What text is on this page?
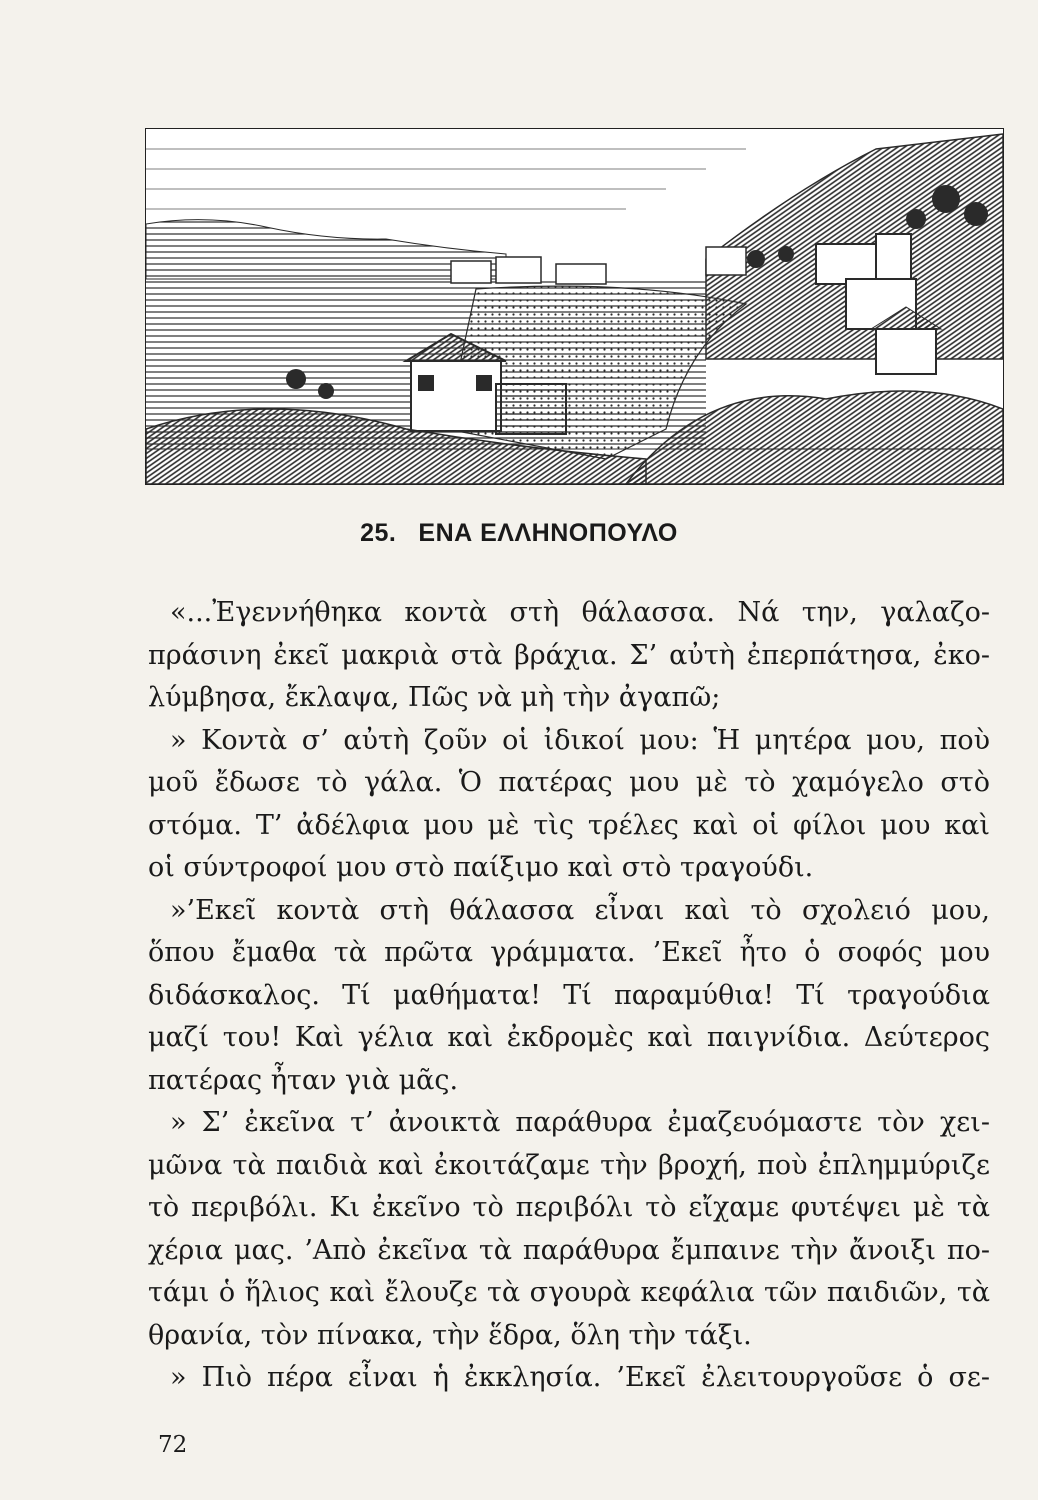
25. ΕΝΑ ΕΛΛΗΝΟΠΟΥΛΟ
«...Ἐγεννήθηκα κοντὰ στὴ θάλασσα. Νά την, γαλαζο-
πράσινη ἐκεῖ μακριὰ στὰ βράχια. Σ’ αὐτὴ ἐπερπάτησα, ἐκο-
λύμβησα, ἔκλαψα, Πῶς νὰ μὴ τὴν ἀγαπῶ;
» Κοντὰ σ’ αὐτὴ ζοῦν οἱ ἰδικοί μου: Ἡ μητέρα μου, ποὺ
μοῦ ἔδωσε τὸ γάλα. Ὁ πατέρας μου μὲ τὸ χαμόγελο στὸ
στόμα. Τ’ ἀδέλφια μου μὲ τὶς τρέλες καὶ οἱ φίλοι μου καὶ
οἱ σύντροφοί μου στὸ παίξιμο καὶ στὸ τραγούδι.
»’Εκεῖ κοντὰ στὴ θάλασσα εἶναι καὶ τὸ σχολειό μου,
ὅπου ἔμαθα τὰ πρῶτα γράμματα. ’Εκεῖ ἦτο ὁ σοφός μου
διδάσκαλος. Τί μαθήματα! Τί παραμύθια! Τί τραγούδια
μαζί του! Καὶ γέλια καὶ ἐκδρομὲς καὶ παιγνίδια. Δεύτερος
πατέρας ἦταν γιὰ μᾶς.
» Σ’ ἐκεῖνα τ’ ἀνοικτὰ παράθυρα ἐμαζευόμαστε τὸν χει-
μῶνα τὰ παιδιὰ καὶ ἐκοιτάζαμε τὴν βροχή, ποὺ ἐπλημμύριζε
τὸ περιβόλι. Κι ἐκεῖνο τὸ περιβόλι τὸ εἴχαμε φυτέψει μὲ τὰ
χέρια μας. ’Απὸ ἐκεῖνα τὰ παράθυρα ἔμπαινε τὴν ἄνοιξι πο-
τάμι ὁ ἥλιος καὶ ἔλουζε τὰ σγουρὰ κεφάλια τῶν παιδιῶν, τὰ
θρανία, τὸν πίνακα, τὴν ἕδρα, ὅλη τὴν τάξι.
» Πιὸ πέρα εἶναι ἡ ἐκκλησία. ’Εκεῖ ἐλειτουργοῦσε ὁ σε-
72
